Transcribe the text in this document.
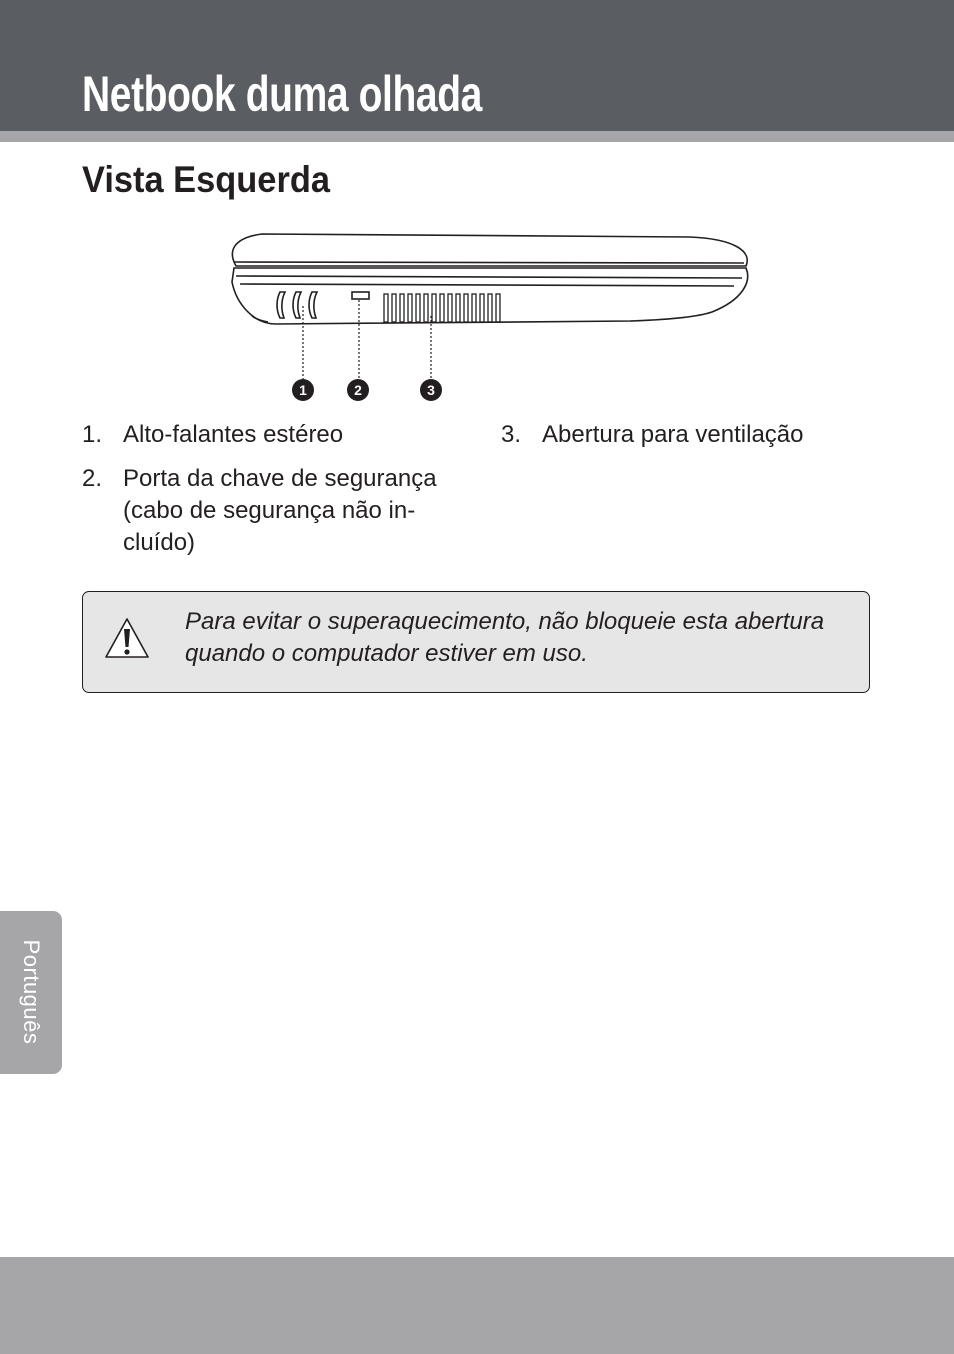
Netbook duma olhada
Vista Esquerda
1	2	3
1. Alto-falantes estéreo
2. Porta da chave de segurança (cabo de segurança não in- cluído)
3. Abertura para ventilação

Para evitar o superaquecimento, não bloqueie esta abertura quando o computador estiver em uso.

Português
